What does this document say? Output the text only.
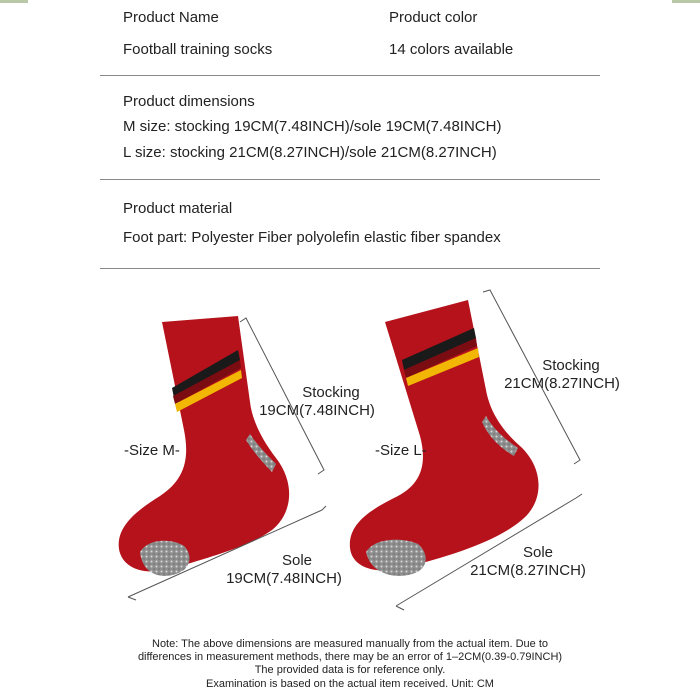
Product Name	Product color
Football training socks	14 colors available
Product dimensions
M size: stocking 19CM(7.48INCH)/sole 19CM(7.48INCH)
L size: stocking 21CM(8.27INCH)/sole 21CM(8.27INCH)
Product material
Foot part: Polyester Fiber polyolefin elastic fiber spandex
-Size M-	-Size L-
Stocking
19CM(7.48INCH)
Sole
19CM(7.48INCH)
Stocking
21CM(8.27INCH)
Sole
21CM(8.27INCH)
Note: The above dimensions are measured manually from the actual item. Due to
differences in measurement methods, there may be an error of 1–2CM(0.39-0.79INCH)
The provided data is for reference only.
Examination is based on the actual item received. Unit: CM
